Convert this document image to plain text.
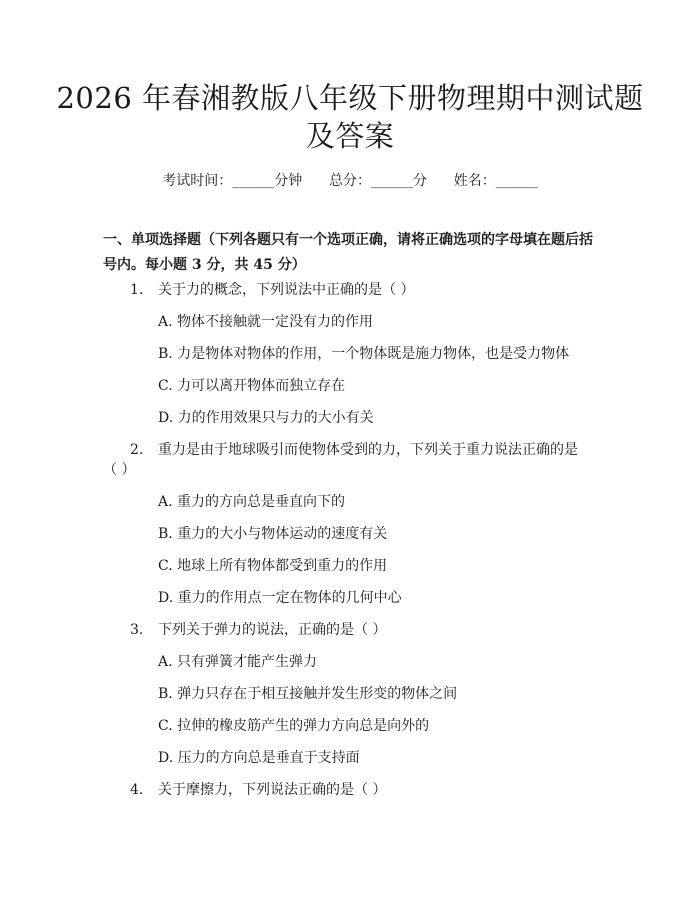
2026 年春湘教版八年级下册物理期中测试题
及答案
考试时间：______分钟 总分：______分 姓名：______

一、单项选择题（下列各题只有一个选项正确，请将正确选项的字母填在题后括号内。每小题 3 分，共 45 分）

1. 关于力的概念，下列说法中正确的是（ ）
A. 物体不接触就一定没有力的作用
B. 力是物体对物体的作用，一个物体既是施力物体，也是受力物体
C. 力可以离开物体而独立存在
D. 力的作用效果只与力的大小有关
2. 重力是由于地球吸引而使物体受到的力，下列关于重力说法正确的是
（ ）
A. 重力的方向总是垂直向下的
B. 重力的大小与物体运动的速度有关
C. 地球上所有物体都受到重力的作用
D. 重力的作用点一定在物体的几何中心
3. 下列关于弹力的说法，正确的是（ ）
A. 只有弹簧才能产生弹力
B. 弹力只存在于相互接触并发生形变的物体之间
C. 拉伸的橡皮筋产生的弹力方向总是向外的
D. 压力的方向总是垂直于支持面
4. 关于摩擦力，下列说法正确的是（ ）
